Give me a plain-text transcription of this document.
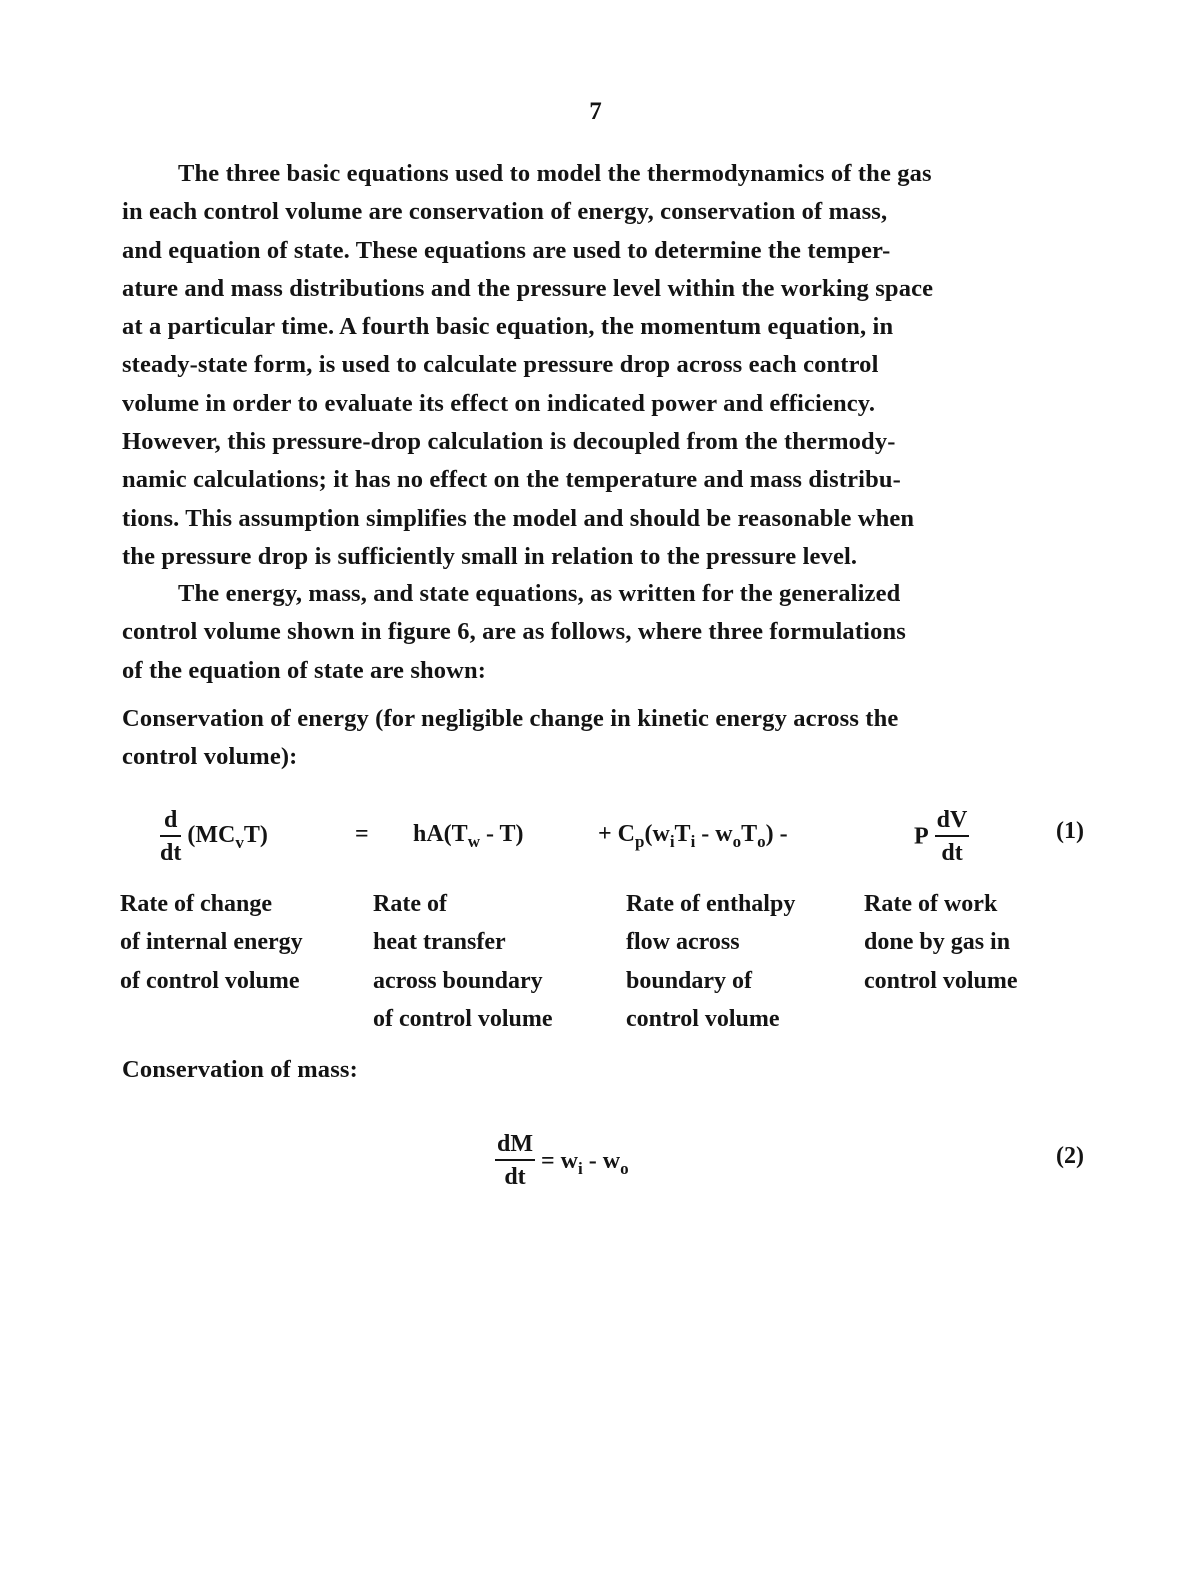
7

The three basic equations used to model the thermodynamics of the gas
in each control volume are conservation of energy, conservation of mass,
and equation of state. These equations are used to determine the temper-
ature and mass distributions and the pressure level within the working space
at a particular time. A fourth basic equation, the momentum equation, in
steady-state form, is used to calculate pressure drop across each control
volume in order to evaluate its effect on indicated power and efficiency.
However, this pressure-drop calculation is decoupled from the thermody-
namic calculations; it has no effect on the temperature and mass distribu-
tions. This assumption simplifies the model and should be reasonable when
the pressure drop is sufficiently small in relation to the pressure level.

The energy, mass, and state equations, as written for the generalized
control volume shown in figure 6, are as follows, where three formulations
of the equation of state are shown:

Conservation of energy (for negligible change in kinetic energy across the
control volume):
$\frac{d}{dt} (MC_vT)$	= $hA(T_w - T)$	+ $C_p(w_iT_i - w_oT_o)$ -	P $\frac{dV}{dt}$	(1)
Rate of change
of internal energy
of control volume
Rate of
heat transfer
across boundary
of control volume
Rate of enthalpy
flow across
boundary of
control volume
Rate of work
done by gas in
control volume
Conservation of mass:
$\frac{dM}{dt} = w_i - w_o$	(2)
